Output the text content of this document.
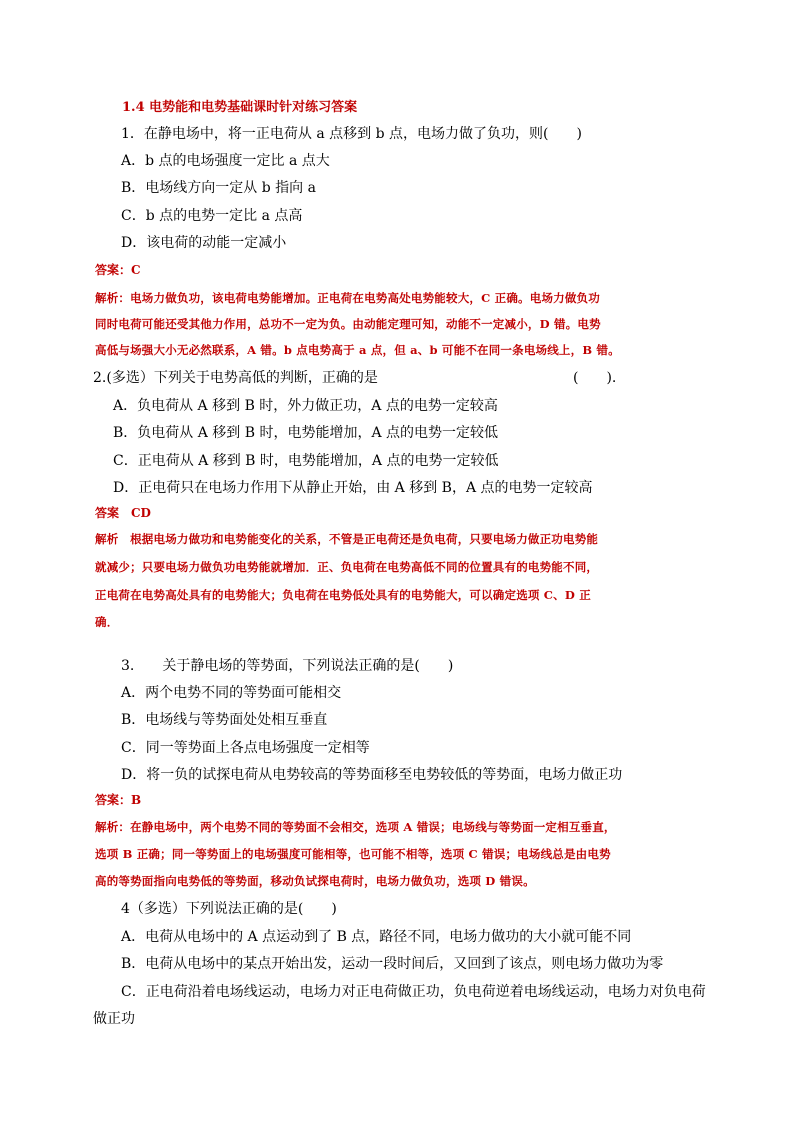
1.4 电势能和电势基础课时针对练习答案
1．在静电场中，将一正电荷从 a 点移到 b 点，电场力做了负功，则(　　)
A．b 点的电场强度一定比 a 点大
B．电场线方向一定从 b 指向 a
C．b 点的电势一定比 a 点高
D．该电荷的动能一定减小
答案：C
解析：电场力做负功，该电荷电势能增加。正电荷在电势高处电势能较大，C 正确。电场力做负功
同时电荷可能还受其他力作用，总功不一定为负。由动能定理可知，动能不一定减小，D 错。电势
高低与场强大小无必然联系，A 错。b 点电势高于 a 点，但 a、b 可能不在同一条电场线上，B 错。
2.(多选）下列关于电势高低的判断，正确的是	(　　).
A．负电荷从 A 移到 B 时，外力做正功，A 点的电势一定较高
B．负电荷从 A 移到 B 时，电势能增加，A 点的电势一定较低
C．正电荷从 A 移到 B 时，电势能增加，A 点的电势一定较低
D．正电荷只在电场力作用下从静止开始，由 A 移到 B，A 点的电势一定较高
答案　CD
解析　根据电场力做功和电势能变化的关系，不管是正电荷还是负电荷，只要电场力做正功电势能
就减少；只要电场力做负功电势能就增加．正、负电荷在电势高低不同的位置具有的电势能不同，
正电荷在电势高处具有的电势能大；负电荷在电势低处具有的电势能大，可以确定选项 C、D 正
确．
3.　　关于静电场的等势面，下列说法正确的是(　　)
A．两个电势不同的等势面可能相交
B．电场线与等势面处处相互垂直
C．同一等势面上各点电场强度一定相等
D．将一负的试探电荷从电势较高的等势面移至电势较低的等势面，电场力做正功
答案：B
解析：在静电场中，两个电势不同的等势面不会相交，选项 A 错误；电场线与等势面一定相互垂直，
选项 B 正确；同一等势面上的电场强度可能相等，也可能不相等，选项 C 错误；电场线总是由电势
高的等势面指向电势低的等势面，移动负试探电荷时，电场力做负功，选项 D 错误。
4（多选）下列说法正确的是(　　)
A．电荷从电场中的 A 点运动到了 B 点，路径不同，电场力做功的大小就可能不同
B．电荷从电场中的某点开始出发，运动一段时间后，又回到了该点，则电场力做功为零
C．正电荷沿着电场线运动，电场力对正电荷做正功，负电荷逆着电场线运动，电场力对负电荷
做正功
